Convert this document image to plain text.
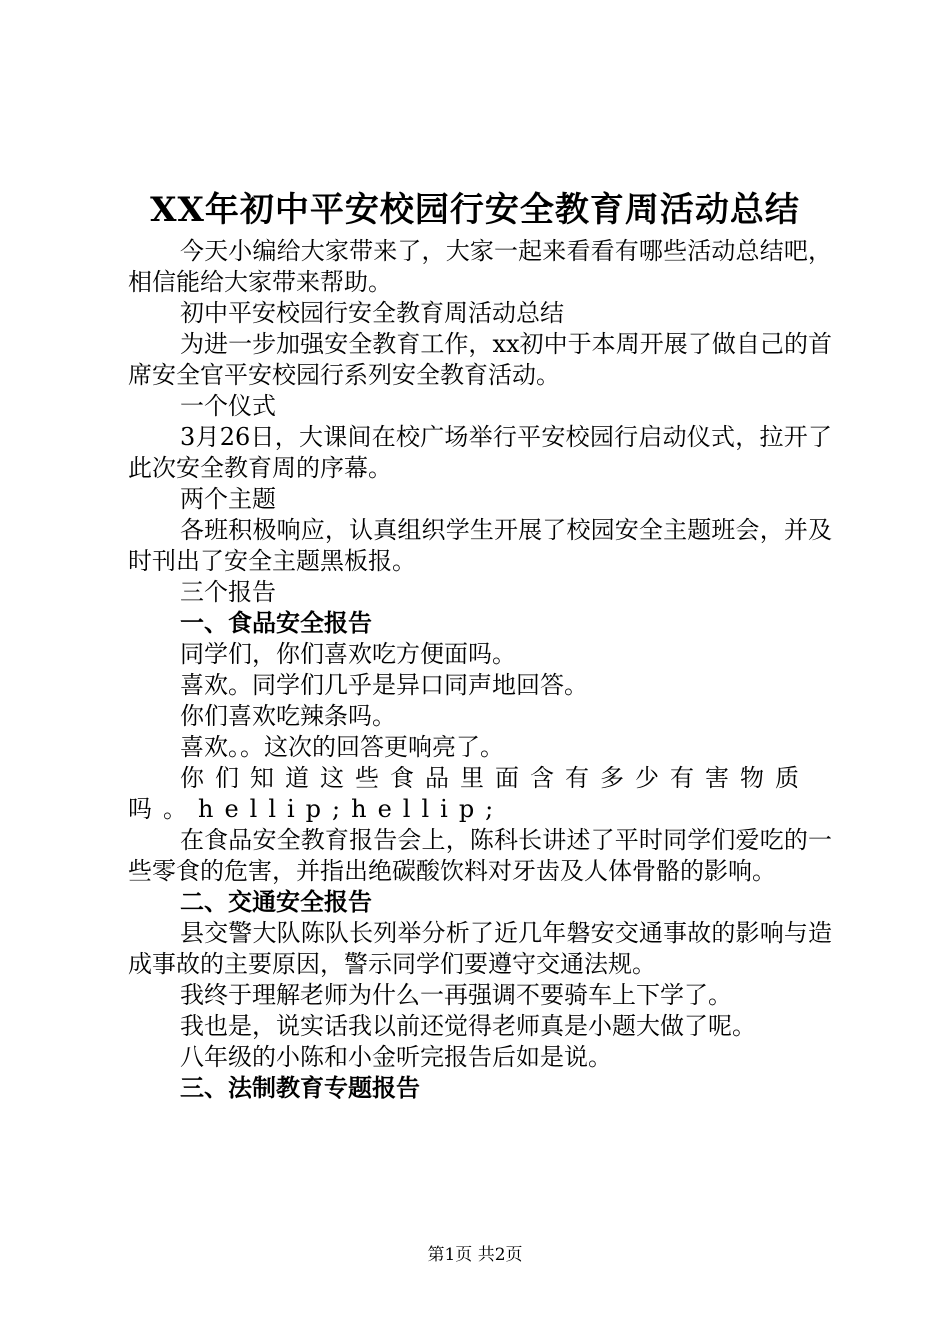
XX年初中平安校园行安全教育周活动总结

今天小编给大家带来了，大家一起来看看有哪些活动总结吧，相信能给大家带来帮助。

初中平安校园行安全教育周活动总结

为进一步加强安全教育工作，xx初中于本周开展了做自己的首席安全官平安校园行系列安全教育活动。

一个仪式

3月26日，大课间在校广场举行平安校园行启动仪式，拉开了此次安全教育周的序幕。

两个主题

各班积极响应，认真组织学生开展了校园安全主题班会，并及时刊出了安全主题黑板报。

三个报告

一、食品安全报告

同学们，你们喜欢吃方便面吗。

喜欢。同学们几乎是异口同声地回答。

你们喜欢吃辣条吗。

喜欢。。这次的回答更响亮了。

你们知道这些食品里面含有多少有害物质吗。hellip;hellip;

在食品安全教育报告会上，陈科长讲述了平时同学们爱吃的一些零食的危害，并指出绝碳酸饮料对牙齿及人体骨骼的影响。

二、交通安全报告

县交警大队陈队长列举分析了近几年磐安交通事故的影响与造成事故的主要原因，警示同学们要遵守交通法规。

我终于理解老师为什么一再强调不要骑车上下学了。

我也是，说实话我以前还觉得老师真是小题大做了呢。

八年级的小陈和小金听完报告后如是说。

三、法制教育专题报告

第1页 共2页
